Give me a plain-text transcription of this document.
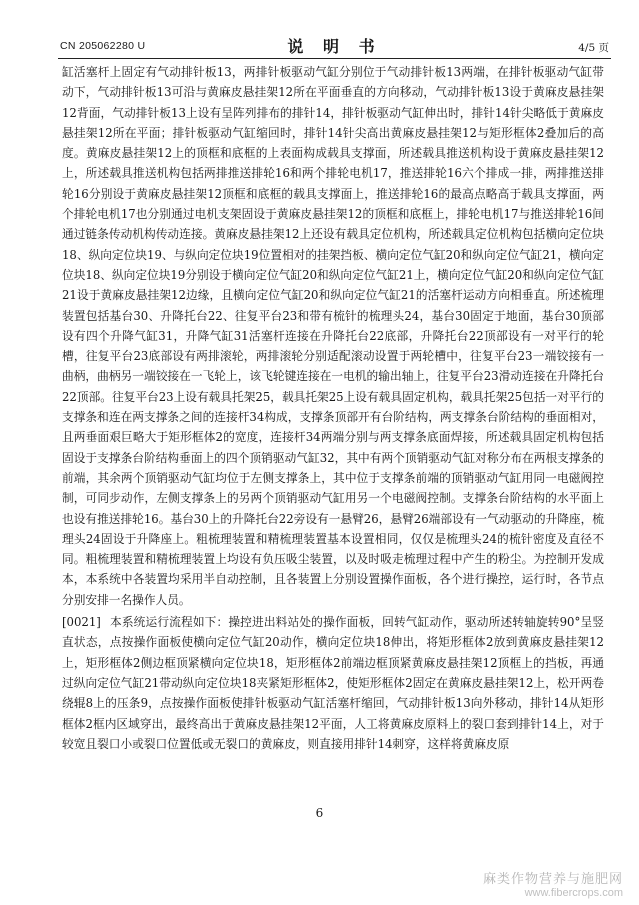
CN 205062280 U	说 明 书	4/5 页

缸活塞杆上固定有气动排针板13，两排针板驱动气缸分别位于气动排针板13两端，在排针板驱动气缸带动下，气动排针板13可沿与黄麻皮悬挂架12所在平面垂直的方向移动，气动排针板13设于黄麻皮悬挂架12背面，气动排针板13上设有呈阵列排布的排针14，排针板驱动气缸伸出时，排针14针尖略低于黄麻皮悬挂架12所在平面；排针板驱动气缸缩回时，排针14针尖高出黄麻皮悬挂架12与矩形框体2叠加后的高度。黄麻皮悬挂架12上的顶框和底框的上表面构成载具支撑面，所述载具推送机构设于黄麻皮悬挂架12上，所述载具推送机构包括两排推送排轮16和两个排轮电机17，推送排轮16六个排成一排，两排推送排轮16分别设于黄麻皮悬挂架12顶框和底框的载具支撑面上，推送排轮16的最高点略高于载具支撑面，两个排轮电机17也分别通过电机支架固设于黄麻皮悬挂架12的顶框和底框上，排轮电机17与推送排轮16间通过链条传动机构传动连接。黄麻皮悬挂架12上还设有载具定位机构，所述载具定位机构包括横向定位块18、纵向定位块19、与纵向定位块19位置相对的挂架挡板、横向定位气缸20和纵向定位气缸21，横向定位块18、纵向定位块19分别设于横向定位气缸20和纵向定位气缸21上，横向定位气缸20和纵向定位气缸21设于黄麻皮悬挂架12边缘，且横向定位气缸20和纵向定位气缸21的活塞杆运动方向相垂直。所述梳理装置包括基台30、升降托台22、往复平台23和带有梳针的梳理头24，基台30固定于地面，基台30顶部设有四个升降气缸31，升降气缸31活塞杆连接在升降托台22底部，升降托台22顶部设有一对平行的轮槽，往复平台23底部设有两排滚轮，两排滚轮分别适配滚动设置于两轮槽中，往复平台23一端铰接有一曲柄，曲柄另一端铰接在一飞轮上，该飞轮键连接在一电机的输出轴上，往复平台23滑动连接在升降托台22顶部。往复平台23上设有载具托架25，载具托架25上设有载具固定机构，载具托架25包括一对平行的支撑条和连在两支撑条之间的连接杆34构成，支撑条顶部开有台阶结构，两支撑条台阶结构的垂面相对，且两垂面艰巨略大于矩形框体2的宽度，连接杆34两端分别与两支撑条底面焊接，所述载具固定机构包括固设于支撑条台阶结构垂面上的四个顶销驱动气缸32，其中有两个顶销驱动气缸对称分布在两根支撑条的前端，其余两个顶销驱动气缸均位于左侧支撑条上，其中位于支撑条前端的顶销驱动气缸用同一电磁阀控制，可同步动作，左侧支撑条上的另两个顶销驱动气缸用另一个电磁阀控制。支撑条台阶结构的水平面上也设有推送排轮16。基台30上的升降托台22旁设有一悬臂26，悬臂26端部设有一气动驱动的升降座，梳理头24固设于升降座上。粗梳理装置和精梳理装置基本设置相同，仅仅是梳理头24的梳针密度及直径不同。粗梳理装置和精梳理装置上均设有负压吸尘装置，以及时吸走梳理过程中产生的粉尘。为控制开发成本，本系统中各装置均采用半自动控制，且各装置上分别设置操作面板，各个进行操控，运行时，各节点分别安排一名操作人员。

[0021] 本系统运行流程如下：操控进出料站处的操作面板，回转气缸动作，驱动所述转轴旋转90°呈竖直状态，点按操作面板使横向定位气缸20动作，横向定位块18伸出，将矩形框体2放到黄麻皮悬挂架12上，矩形框体2侧边框顶紧横向定位块18，矩形框体2前端边框顶紧黄麻皮悬挂架12顶框上的挡板，再通过纵向定位气缸21带动纵向定位块18夹紧矩形框体2，使矩形框体2固定在黄麻皮悬挂架12上，松开两卷绕辊8上的压条9，点按操作面板使排针板驱动气缸活塞杆缩回，气动排针板13向外移动，排针14从矩形框体2框内区域穿出，最终高出于黄麻皮悬挂架12平面，人工将黄麻皮原料上的裂口套到排针14上，对于较宽且裂口小或裂口位置低或无裂口的黄麻皮，则直接用排针14刺穿，这样将黄麻皮原

6
麻类作物营养与施肥网
www.fibercrops.com
